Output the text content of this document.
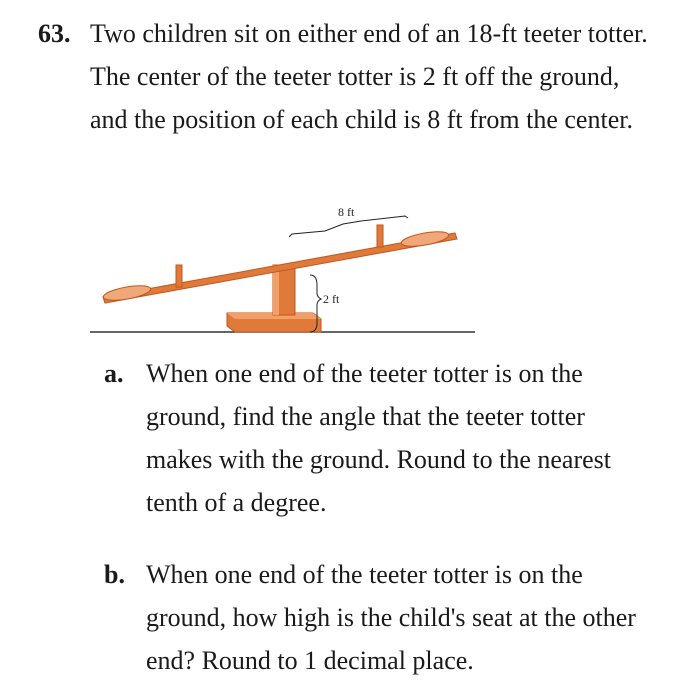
63. Two children sit on either end of an 18-ft teeter totter. The center of the teeter totter is 2 ft off the ground, and the position of each child is 8 ft from the center.

8 ft
2 ft
a. When one end of the teeter totter is on the ground, find the angle that the teeter totter makes with the ground. Round to the nearest tenth of a degree.

b. When one end of the teeter totter is on the ground, how high is the child's seat at the other end? Round to 1 decimal place.
